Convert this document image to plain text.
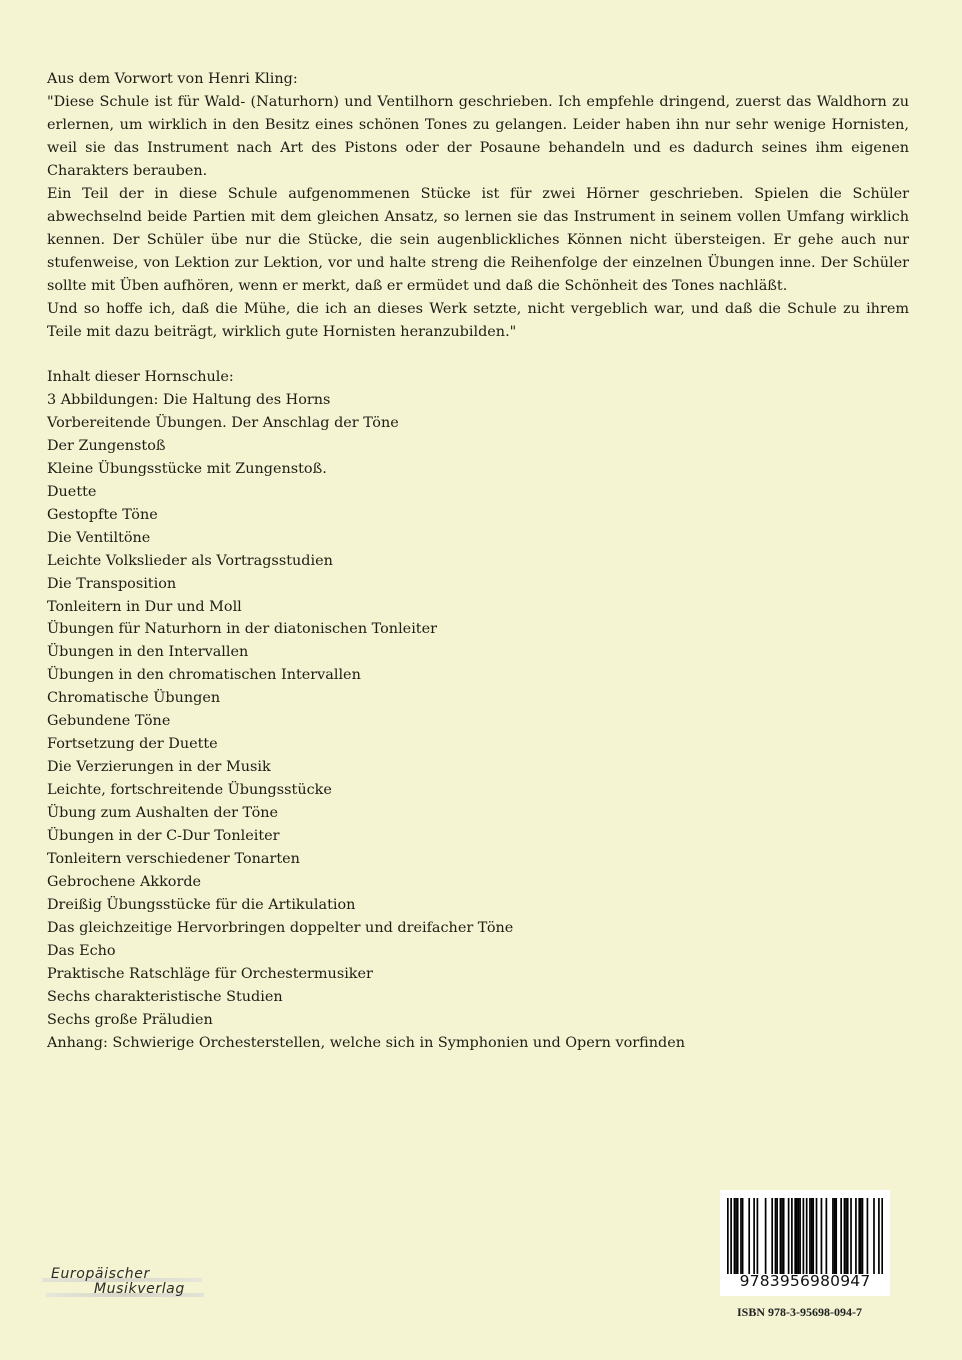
Aus dem Vorwort von Henri Kling:

"Diese Schule ist für Wald- (Naturhorn) und Ventilhorn geschrieben. Ich empfehle dringend, zuerst das Waldhorn zu erlernen, um wirklich in den Besitz eines schönen Tones zu gelangen. Leider haben ihn nur sehr wenige Hornisten, weil sie das Instrument nach Art des Pistons oder der Posaune behandeln und es dadurch seines ihm eigenen Charakters berauben.

Ein Teil der in diese Schule aufgenommenen Stücke ist für zwei Hörner geschrieben. Spielen die Schüler abwechselnd beide Partien mit dem gleichen Ansatz, so lernen sie das Instrument in seinem vollen Umfang wirklich kennen. Der Schüler übe nur die Stücke, die sein augenblickliches Können nicht übersteigen. Er gehe auch nur stufenweise, von Lektion zur Lektion, vor und halte streng die Reihenfolge der einzelnen Übungen inne. Der Schüler sollte mit Üben aufhören, wenn er merkt, daß er ermüdet und daß die Schönheit des Tones nachläßt.

Und so hoffe ich, daß die Mühe, die ich an dieses Werk setzte, nicht vergeblich war, und daß die Schule zu ihrem Teile mit dazu beiträgt, wirklich gute Hornisten heranzubilden."

Inhalt dieser Hornschule:

3 Abbildungen: Die Haltung des Horns
Vorbereitende Übungen. Der Anschlag der Töne
Der Zungenstoß
Kleine Übungsstücke mit Zungenstoß.
Duette
Gestopfte Töne
Die Ventiltöne
Leichte Volkslieder als Vortragsstudien
Die Transposition
Tonleitern in Dur und Moll
Übungen für Naturhorn in der diatonischen Tonleiter
Übungen in den Intervallen
Übungen in den chromatischen Intervallen
Chromatische Übungen
Gebundene Töne
Fortsetzung der Duette
Die Verzierungen in der Musik
Leichte, fortschreitende Übungsstücke
Übung zum Aushalten der Töne
Übungen in der C-Dur Tonleiter
Tonleitern verschiedener Tonarten
Gebrochene Akkorde
Dreißig Übungsstücke für die Artikulation
Das gleichzeitige Hervorbringen doppelter und dreifacher Töne
Das Echo
Praktische Ratschläge für Orchestermusiker
Sechs charakteristische Studien
Sechs große Präludien
Anhang: Schwierige Orchesterstellen, welche sich in Symphonien und Opern vorfinden
Europäischer
Musikverlag	9783956980947
ISBN 978-3-95698-094-7
